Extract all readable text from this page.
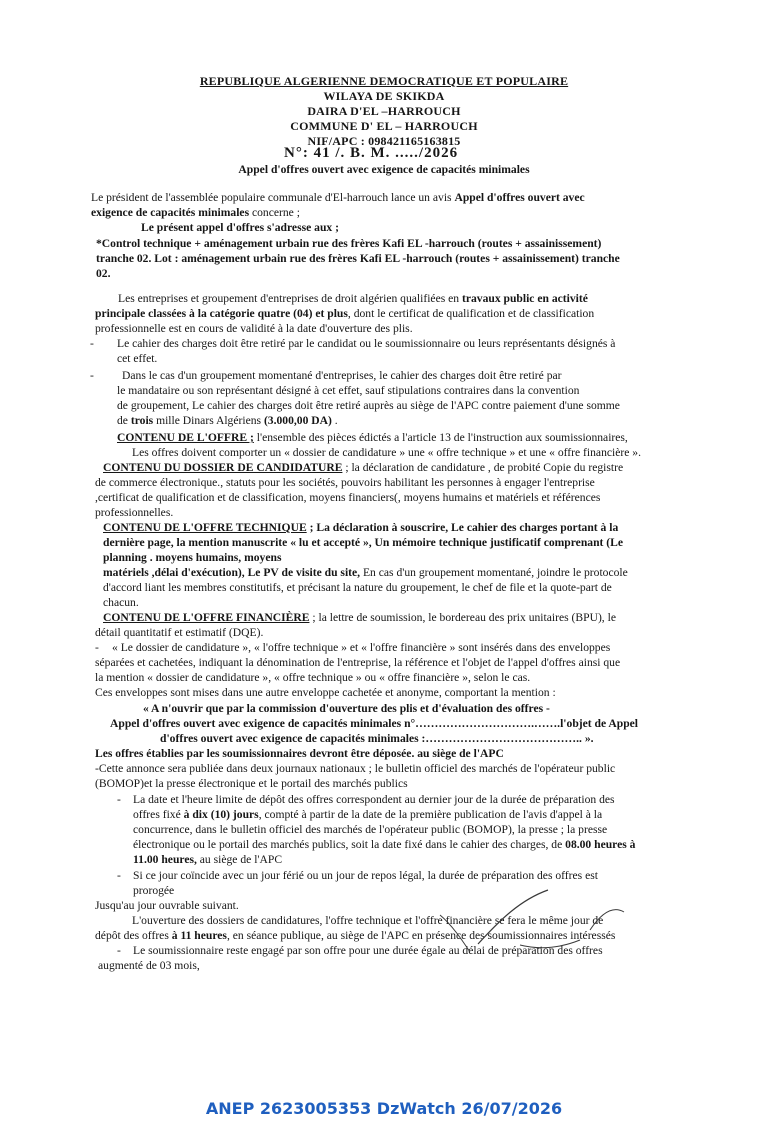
REPUBLIQUE ALGERIENNE DEMOCRATIQUE ET POPULAIRE
WILAYA DE SKIKDA
DAIRA D'EL –HARROUCH
COMMUNE D' EL – HARROUCH
NIF/APC : 098421165163815
N°: 41 /. B. M. ...../2026
Appel d'offres ouvert avec exigence de capacités minimales
Le président de l'assemblée populaire communale d'El-harrouch lance un avis Appel d'offres ouvert avec
exigence de capacités minimales concerne ;
Le présent appel d'offres s'adresse aux ;
*Control technique + aménagement urbain rue des frères Kafi EL -harrouch (routes + assainissement)
tranche 02. Lot : aménagement urbain rue des frères Kafi EL -harrouch (routes + assainissement) tranche
02.
Les entreprises et groupement d'entreprises de droit algérien qualifiées en travaux public en activité
principale classées à la catégorie quatre (04) et plus, dont le certificat de qualification et de classification
professionnelle est en cours de validité à la date d'ouverture des plis.
- Le cahier des charges doit être retiré par le candidat ou le soumissionnaire ou leurs représentants désignés à
cet effet.
- Dans le cas d'un groupement momentané d'entreprises, le cahier des charges doit être retiré par
le mandataire ou son représentant désigné à cet effet, sauf stipulations contraires dans la convention
de groupement, Le cahier des charges doit être retiré auprès au siège de l'APC contre paiement d'une somme
de trois mille Dinars Algériens (3.000,00 DA) .
CONTENU DE L'OFFRE ; l'ensemble des pièces édictés a l'article 13 de l'instruction aux soumissionnaires,
Les offres doivent comporter un « dossier de candidature » une « offre technique » et une « offre financière ».
CONTENU DU DOSSIER DE CANDIDATURE ; la déclaration de candidature , de probité Copie du registre
de commerce électronique., statuts pour les sociétés, pouvoirs habilitant les personnes à engager l'entreprise
,certificat de qualification et de classification, moyens financiers(, moyens humains et matériels et références
professionnelles.
CONTENU DE L'OFFRE TECHNIQUE ; La déclaration à souscrire, Le cahier des charges portant à la
dernière page, la mention manuscrite « lu et accepté », Un mémoire technique justificatif comprenant (Le
planning . moyens humains, moyens
matériels ,délai d'exécution), Le PV de visite du site, En cas d'un groupement momentané, joindre le protocole
d'accord liant les membres constitutifs, et précisant la nature du groupement, le chef de file et la quote-part de
chacun.
CONTENU DE L'OFFRE FINANCIÈRE ; la lettre de soumission, le bordereau des prix unitaires (BPU), le
détail quantitatif et estimatif (DQE).
- « Le dossier de candidature », « l'offre technique » et « l'offre financière » sont insérés dans des enveloppes
séparées et cachetées, indiquant la dénomination de l'entreprise, la référence et l'objet de l'appel d'offres ainsi que
la mention « dossier de candidature », « offre technique » ou « offre financière », selon le cas.
Ces enveloppes sont mises dans une autre enveloppe cachetée et anonyme, comportant la mention :
« A n'ouvrir que par la commission d'ouverture des plis et d'évaluation des offres -
Appel d'offres ouvert avec exigence de capacités minimales n°………………………….…….l'objet de Appel
d'offres ouvert avec exigence de capacités minimales :………………………………….. ».
Les offres établies par les soumissionnaires devront être déposée. au siège de l'APC
-Cette annonce sera publiée dans deux journaux nationaux ; le bulletin officiel des marchés de l'opérateur public
(BOMOP)et la presse électronique et le portail des marchés publics
- La date et l'heure limite de dépôt des offres correspondent au dernier jour de la durée de préparation des
offres fixé à dix (10) jours, compté à partir de la date de la première publication de l'avis d'appel à la
concurrence, dans le bulletin officiel des marchés de l'opérateur public (BOMOP), la presse ; la presse
électronique ou le portail des marchés publics, soit la date fixé dans le cahier des charges, de 08.00 heures à
11.00 heures, au siège de l'APC
- Si ce jour coïncide avec un jour férié ou un jour de repos légal, la durée de préparation des offres est
prorogée
Jusqu'au jour ouvrable suivant.
L'ouverture des dossiers de candidatures, l'offre technique et l'offre financière se fera le même jour de
dépôt des offres à 11 heures, en séance publique, au siège de l'APC en présence des soumissionnaires intéressés
- Le soumissionnaire reste engagé par son offre pour une durée égale au délai de préparation des offres
augmenté de 03 mois,
ANEP 2623005353 DzWatch 26/07/2026
